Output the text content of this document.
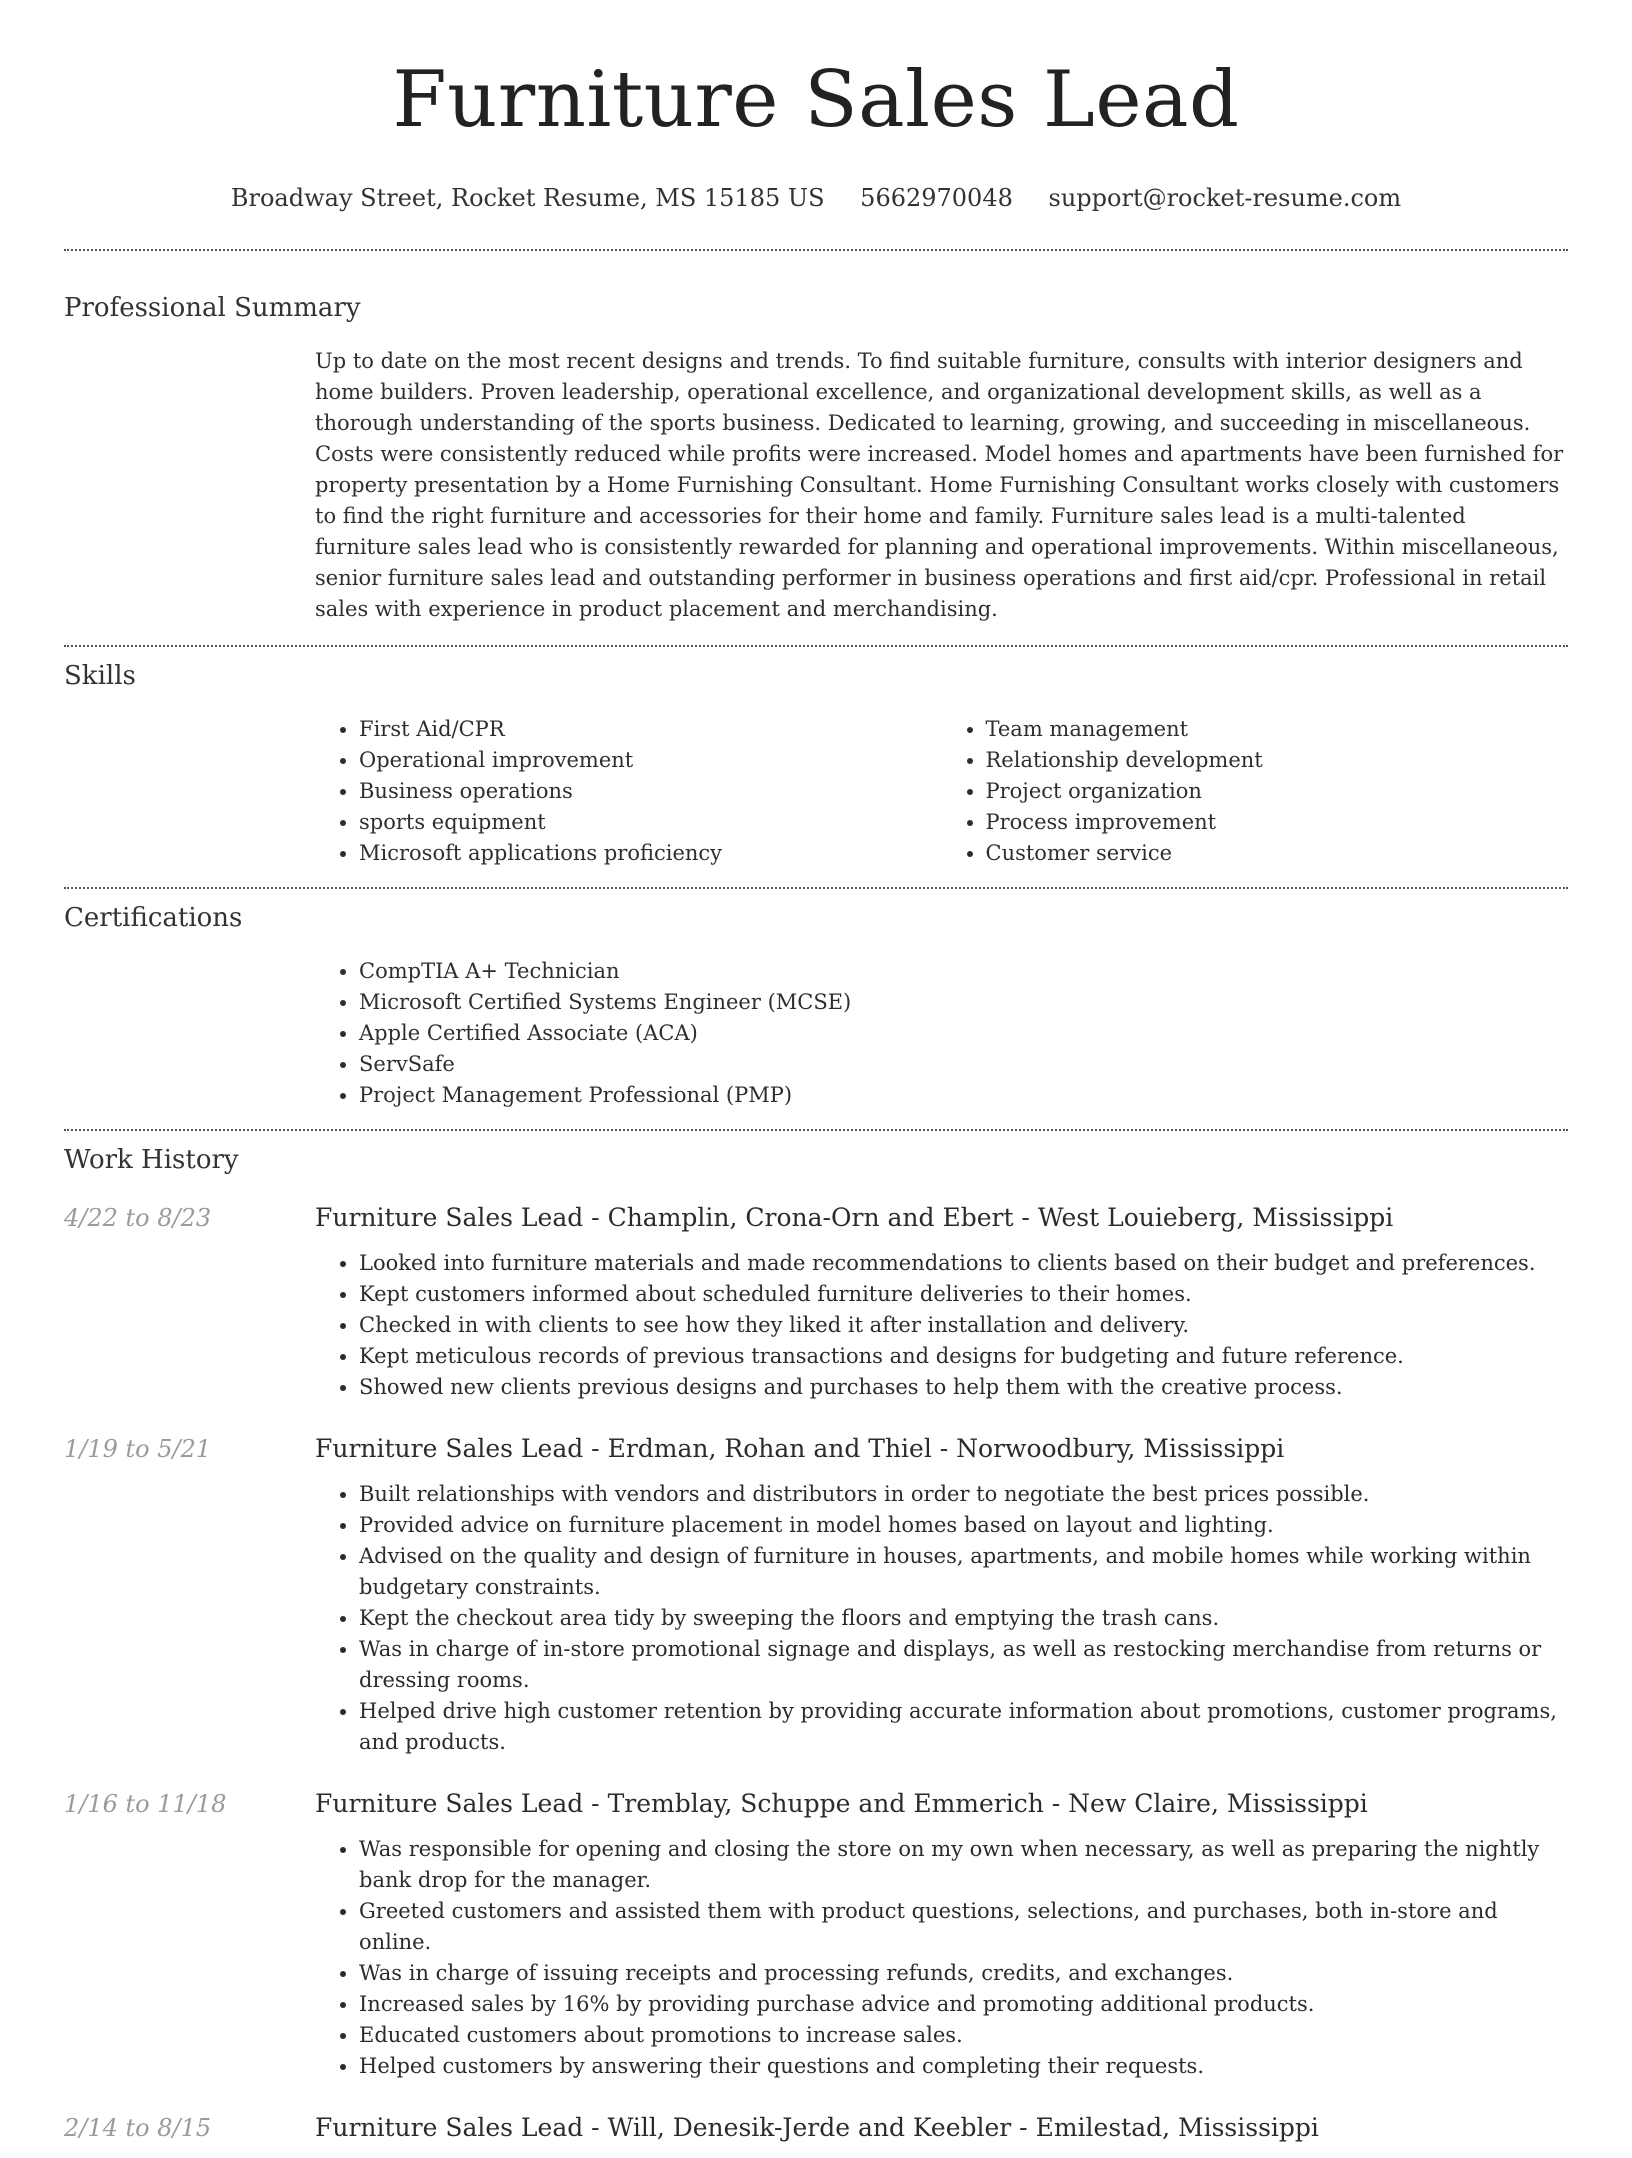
Furniture Sales Lead
Broadway Street, Rocket Resume, MS 15185 US 5662970048 support@rocket-resume.com
Professional Summary

Up to date on the most recent designs and trends. To find suitable furniture, consults with interior designers and home builders. Proven leadership, operational excellence, and organizational development skills, as well as a thorough understanding of the sports business. Dedicated to learning, growing, and succeeding in miscellaneous. Costs were consistently reduced while profits were increased. Model homes and apartments have been furnished for property presentation by a Home Furnishing Consultant. Home Furnishing Consultant works closely with customers to find the right furniture and accessories for their home and family. Furniture sales lead is a multi-talented furniture sales lead who is consistently rewarded for planning and operational improvements. Within miscellaneous, senior furniture sales lead and outstanding performer in business operations and first aid/cpr. Professional in retail sales with experience in product placement and merchandising.

Skills
• First Aid/CPR
• Operational improvement
• Business operations
• sports equipment
• Microsoft applications proficiency
• Team management
• Relationship development
• Project organization
• Process improvement
• Customer service
Certifications
• CompTIA A+ Technician
• Microsoft Certified Systems Engineer (MCSE)
• Apple Certified Associate (ACA)
• ServSafe
• Project Management Professional (PMP)
Work History
4/22 to 8/23	Furniture Sales Lead - Champlin, Crona-Orn and Ebert - West Louieberg, Mississippi
• Looked into furniture materials and made recommendations to clients based on their budget and preferences.
• Kept customers informed about scheduled furniture deliveries to their homes.
• Checked in with clients to see how they liked it after installation and delivery.
• Kept meticulous records of previous transactions and designs for budgeting and future reference.
• Showed new clients previous designs and purchases to help them with the creative process.
1/19 to 5/21	Furniture Sales Lead - Erdman, Rohan and Thiel - Norwoodbury, Mississippi
• Built relationships with vendors and distributors in order to negotiate the best prices possible.
• Provided advice on furniture placement in model homes based on layout and lighting.
• Advised on the quality and design of furniture in houses, apartments, and mobile homes while working within budgetary constraints.
• Kept the checkout area tidy by sweeping the floors and emptying the trash cans.
• Was in charge of in-store promotional signage and displays, as well as restocking merchandise from returns or dressing rooms.
• Helped drive high customer retention by providing accurate information about promotions, customer programs, and products.
1/16 to 11/18	Furniture Sales Lead - Tremblay, Schuppe and Emmerich - New Claire, Mississippi
• Was responsible for opening and closing the store on my own when necessary, as well as preparing the nightly bank drop for the manager.
• Greeted customers and assisted them with product questions, selections, and purchases, both in-store and online.
• Was in charge of issuing receipts and processing refunds, credits, and exchanges.
• Increased sales by 16% by providing purchase advice and promoting additional products.
• Educated customers about promotions to increase sales.
• Helped customers by answering their questions and completing their requests.
2/14 to 8/15	Furniture Sales Lead - Will, Denesik-Jerde and Keebler - Emilestad, Mississippi
